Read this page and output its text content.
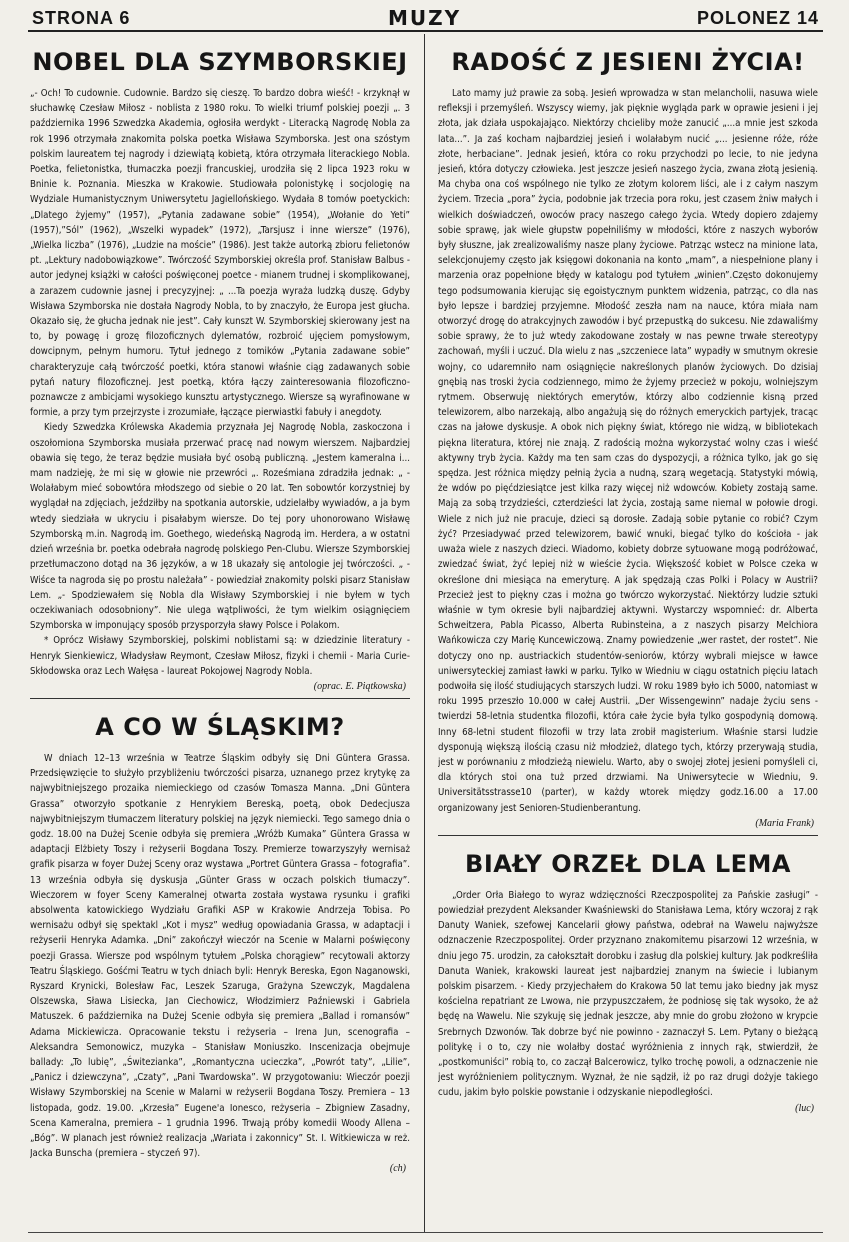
STRONA 6	MUZY	POLONEZ 14
NOBEL DLA SZYMBORSKIEJ

„- Och! To cudownie. Cudownie. Bardzo się cieszę. To bardzo dobra wieść! - krzyknął w słuchawkę Czesław Miłosz - noblista z 1980 roku. To wielki triumf polskiej poezji „. 3 października 1996 Szwedzka Akademia, ogłosiła werdykt - Literacką Nagrodę Nobla za rok 1996 otrzymała znakomita polska poetka Wisława Szymborska. Jest ona szóstym polskim laureatem tej nagrody i dziewiątą kobietą, która otrzymała literackiego Nobla. Poetka, felietonistka, tłumaczka poezji francuskiej, urodziła się 2 lipca 1923 roku w Bninie k. Poznania. Mieszka w Krakowie. Studiowała polonistykę i socjologię na Wydziale Humanistycznym Uniwersytetu Jagiellońskiego. Wydała 8 tomów poetyckich: „Dlatego żyjemy” (1957), „Pytania zadawane sobie” (1954), „Wołanie do Yeti” (1957),”Sól” (1962), „Wszelki wypadek” (1972), „Tarsjusz i inne wiersze” (1976), „Wielka liczba” (1976), „Ludzie na moście” (1986). Jest także autorką zbioru felietonów pt. „Lektury nadobowiązkowe”. Twórczość Szymborskiej określa prof. Stanisław Balbus - autor jedynej książki w całości poświęconej poetce - mianem trudnej i skomplikowanej, a zarazem cudownie jasnej i precyzyjnej: „ ...Ta poezja wyraża ludzką duszę. Gdyby Wisława Szymborska nie dostała Nagrody Nobla, to by znaczyło, że Europa jest głucha. Okazało się, że głucha jednak nie jest”. Cały kunszt W. Szymborskiej skierowany jest na to, by powagę i grozę filozoficznych dylematów, rozbroić ujęciem pomysłowym, dowcipnym, pełnym humoru. Tytuł jednego z tomików „Pytania zadawane sobie” charakteryzuje całą twórczość poetki, która stanowi właśnie ciąg zadawanych sobie pytań natury filozoficznej. Jest poetką, która łączy zainteresowania filozoficzno-poznawcze z ambicjami wysokiego kunsztu artystycznego. Wiersze są wyrafinowane w formie, a przy tym przejrzyste i zrozumiałe, łączące pierwiastki fabuły i anegdoty.

Kiedy Szwedzka Królewska Akademia przyznała Jej Nagrodę Nobla, zaskoczona i oszołomiona Szymborska musiała przerwać pracę nad nowym wierszem. Najbardziej obawia się tego, że teraz będzie musiała być osobą publiczną. „Jestem kameralna i... mam nadzieję, że mi się w głowie nie przewróci „. Roześmiana zdradziła jednak: „ - Wolałabym mieć sobowtóra młodszego od siebie o 20 lat. Ten sobowtór korzystniej by wyglądał na zdjęciach, jeździłby na spotkania autorskie, udzielałby wywiadów, a ja bym wtedy siedziała w ukryciu i pisałabym wiersze. Do tej pory uhonorowano Wisławę Szymborską m.in. Nagrodą im. Goethego, wiedeńską Nagrodą im. Herdera, a w ostatni dzień września br. poetka odebrała nagrodę polskiego Pen-Clubu. Wiersze Szymborskiej przetłumaczono dotąd na 36 języków, a w 18 ukazały się antologie jej twórczości. „ - Wiśce ta nagroda się po prostu należała” - powiedział znakomity polski pisarz Stanisław Lem. „- Spodziewałem się Nobla dla Wisławy Szymborskiej i nie byłem w tych oczekiwaniach odosobniony”. Nie ulega wątpliwości, że tym wielkim osiągnięciem Szymborska w imponujący sposób przysporzyła sławy Polsce i Polakom.

* Oprócz Wisławy Szymborskiej, polskimi noblistami są: w dziedzinie literatury - Henryk Sienkiewicz, Władysław Reymont, Czesław Miłosz, fizyki i chemii - Maria Curie-Skłodowska oraz Lech Wałęsa - laureat Pokojowej Nagrody Nobla.

(oprac. E. Piątkowska)
A CO W ŚLĄSKIM?

W dniach 12–13 września w Teatrze Śląskim odbyły się Dni Güntera Grassa. Przedsięwzięcie to służyło przybliżeniu twórczości pisarza, uznanego przez krytykę za najwybitniejszego prozaika niemieckiego od czasów Tomasza Manna. „Dni Güntera Grassa” otworzyło spotkanie z Henrykiem Bereską, poetą, obok Dedecjusza najwybitniejszym tłumaczem literatury polskiej na język niemiecki. Tego samego dnia o godz. 18.00 na Dużej Scenie odbyła się premiera „Wróżb Kumaka” Güntera Grassa w adaptacji Elżbiety Toszy i reżyserii Bogdana Toszy. Premierze towarzyszyły wernisaż grafik pisarza w foyer Dużej Sceny oraz wystawa „Portret Güntera Grassa – fotografia”. 13 września odbyła się dyskusja „Günter Grass w oczach polskich tłumaczy”. Wieczorem w foyer Sceny Kameralnej otwarta została wystawa rysunku i grafiki absolwenta katowickiego Wydziału Grafiki ASP w Krakowie Andrzeja Tobisa. Po wernisażu odbył się spektakl „Kot i mysz” według opowiadania Grassa, w adaptacji i reżyserii Henryka Adamka. „Dni” zakończył wieczór na Scenie w Malarni poświęcony poezji Grassa. Wiersze pod wspólnym tytułem „Polska chorągiew” recytowali aktorzy Teatru Śląskiego. Gośćmi Teatru w tych dniach byli: Henryk Bereska, Egon Naganowski, Ryszard Krynicki, Bolesław Fac, Leszek Szaruga, Grażyna Szewczyk, Magdalena Olszewska, Sława Lisiecka, Jan Ciechowicz, Włodzimierz Paźniewski i Gabriela Matuszek. 6 października na Dużej Scenie odbyła się premiera „Ballad i romansów” Adama Mickiewicza. Opracowanie tekstu i reżyseria – Irena Jun, scenografia – Aleksandra Semonowicz, muzyka – Stanisław Moniuszko. Inscenizacja obejmuje ballady: „To lubię”, „Świtezianka”, „Romantyczna ucieczka”, „Powrót taty”, „Lilie”, „Panicz i dziewczyna”, „Czaty”, „Pani Twardowska”. W przygotowaniu: Wieczór poezji Wisławy Szymborskiej na Scenie w Malarni w reżyserii Bogdana Toszy. Premiera – 13 listopada, godz. 19.00. „Krzesła” Eugene'a Ionesco, reżyseria – Zbigniew Zasadny, Scena Kameralna, premiera – 1 grudnia 1996. Trwają próby komedii Woody Allena – „Bóg”. W planach jest również realizacja „Wariata i zakonnicy” St. I. Witkiewicza w reż. Jacka Bunscha (premiera – styczeń 97).

(ch)
RADOŚĆ Z JESIENI ŻYCIA!

Lato mamy już prawie za sobą. Jesień wprowadza w stan melancholii, nasuwa wiele refleksji i przemyśleń. Wszyscy wiemy, jak pięknie wygląda park w oprawie jesieni i jej złota, jak działa uspokajająco. Niektórzy chcieliby może zanucić „...a mnie jest szkoda lata...”. Ja zaś kocham najbardziej jesień i wolałabym nucić „... jesienne róże, róże złote, herbaciane”. Jednak jesień, która co roku przychodzi po lecie, to nie jedyna jesień, która dotyczy człowieka. Jest jeszcze jesień naszego życia, zwana złotą jesienią. Ma chyba ona coś wspólnego nie tylko ze złotym kolorem liści, ale i z całym naszym życiem. Trzecia „pora” życia, podobnie jak trzecia pora roku, jest czasem żniw małych i wielkich doświadczeń, owoców pracy naszego całego życia. Wtedy dopiero zdajemy sobie sprawę, jak wiele głupstw popełniliśmy w młodości, które z naszych wyborów były słuszne, jak zrealizowaliśmy nasze plany życiowe. Patrząc wstecz na minione lata, selekcjonujemy często jak księgowi dokonania na konto „mam”, a niespełnione plany i marzenia oraz popełnione błędy w katalogu pod tytułem „winien”.Często dokonujemy tego podsumowania kierując się egoistycznym punktem widzenia, patrząc, co dla nas było lepsze i bardziej przyjemne. Młodość zeszła nam na nauce, która miała nam otworzyć drogę do atrakcyjnych zawodów i być przepustką do sukcesu. Nie zdawaliśmy sobie sprawy, że to już wtedy zakodowane zostały w nas pewne trwałe stereotypy zachowań, myśli i uczuć. Dla wielu z nas „szczeniece lata” wypadły w smutnym okresie wojny, co udaremniło nam osiągnięcie nakreślonych planów życiowych. Do dzisiaj gnębią nas troski życia codziennego, mimo że żyjemy przecież w pokoju, wolniejszym rytmem. Obserwuję niektórych emerytów, którzy albo codziennie kisną przed telewizorem, albo narzekają, albo angażują się do różnych emeryckich partyjek, tracąc czas na jałowe dyskusje. A obok nich piękny świat, którego nie widzą, w bibliotekach piękna literatura, której nie znają. Z radością można wykorzystać wolny czas i wieść aktywny tryb życia. Każdy ma ten sam czas do dyspozycji, a różnica tylko, jak go się spędza. Jest różnica między pełnią życia a nudną, szarą wegetacją. Statystyki mówią, że wdów po pięćdziesiątce jest kilka razy więcej niż wdowców. Kobiety zostają same. Mają za sobą trzydzieści, czterdzieści lat życia, zostają same niemal w połowie drogi. Wiele z nich już nie pracuje, dzieci są dorosłe. Zadają sobie pytanie co robić? Czym żyć? Przesiadywać przed telewizorem, bawić wnuki, biegać tylko do kościoła - jak uważa wiele z naszych dzieci. Wiadomo, kobiety dobrze sytuowane mogą podróżować, zwiedzać świat, żyć lepiej niż w wieście życia. Większość kobiet w Polsce czeka w określone dni miesiąca na emeryturę. A jak spędzają czas Polki i Polacy w Austrii? Przecież jest to piękny czas i można go twórczo wykorzystać. Niektórzy ludzie sztuki właśnie w tym okresie byli najbardziej aktywni. Wystarczy wspomnieć: dr. Alberta Schweitzera, Pabla Picasso, Alberta Rubinsteina, a z naszych pisarzy Melchiora Wańkowicza czy Marię Kuncewiczową. Znamy powiedzenie „wer rastet, der rostet”. Nie dotyczy ono np. austriackich studentów-seniorów, którzy wybrali miejsce w ławce uniwersyteckiej zamiast ławki w parku. Tylko w Wiedniu w ciągu ostatnich pięciu latach podwoiła się ilość studiujących starszych ludzi. W roku 1989 było ich 5000, natomiast w roku 1995 przeszło 10.000 w całej Austrii. „Der Wissengewinn” nadaje życiu sens - twierdzi 58-letnia studentka filozofii, która całe życie była tylko gospodynią domową. Inny 68-letni student filozofii w trzy lata zrobił magisterium. Właśnie starsi ludzie dysponują większą ilością czasu niż młodzież, dlatego tych, którzy przerywają studia, jest w porównaniu z młodzieżą niewielu. Warto, aby o swojej złotej jesieni pomyśleli ci, dla których stoi ona tuż przed drzwiami. Na Uniwersytecie w Wiedniu, 9. Universitätsstrasse10 (parter), w każdy wtorek między godz.16.00 a 17.00 organizowany jest Senioren-Studienberantung.

(Maria Frank)
BIAŁY ORZEŁ DLA LEMA

„Order Orła Białego to wyraz wdzięczności Rzeczpospolitej za Pańskie zasługi” - powiedział prezydent Aleksander Kwaśniewski do Stanisława Lema, który wczoraj z rąk Danuty Waniek, szefowej Kancelarii głowy państwa, odebrał na Wawelu najwyższe odznaczenie Rzeczpospolitej. Order przyznano znakomitemu pisarzowi 12 września, w dniu jego 75. urodzin, za całokształt dorobku i zasług dla polskiej kultury. Jak podkreśliła Danuta Waniek, krakowski laureat jest najbardziej znanym na świecie i lubianym polskim pisarzem. - Kiedy przyjechałem do Krakowa 50 lat temu jako biedny jak mysz kościelna repatriant ze Lwowa, nie przypuszczałem, że podniosę się tak wysoko, że aż będę na Wawelu. Nie szykuję się jednak jeszcze, aby mnie do grobu złożono w krypcie Srebrnych Dzwonów. Tak dobrze być nie powinno - zaznaczył S. Lem. Pytany o bieżącą politykę i o to, czy nie wolałby dostać wyróżnienia z innych rąk, stwierdził, że „postkomuniści” robią to, co zaczął Balcerowicz, tylko trochę powoli, a odznaczenie nie jest wyróżnieniem politycznym. Wyznał, że nie sądził, iż po raz drugi dożyje takiego cudu, jakim było polskie powstanie i odzyskanie niepodległości.

(luc)
